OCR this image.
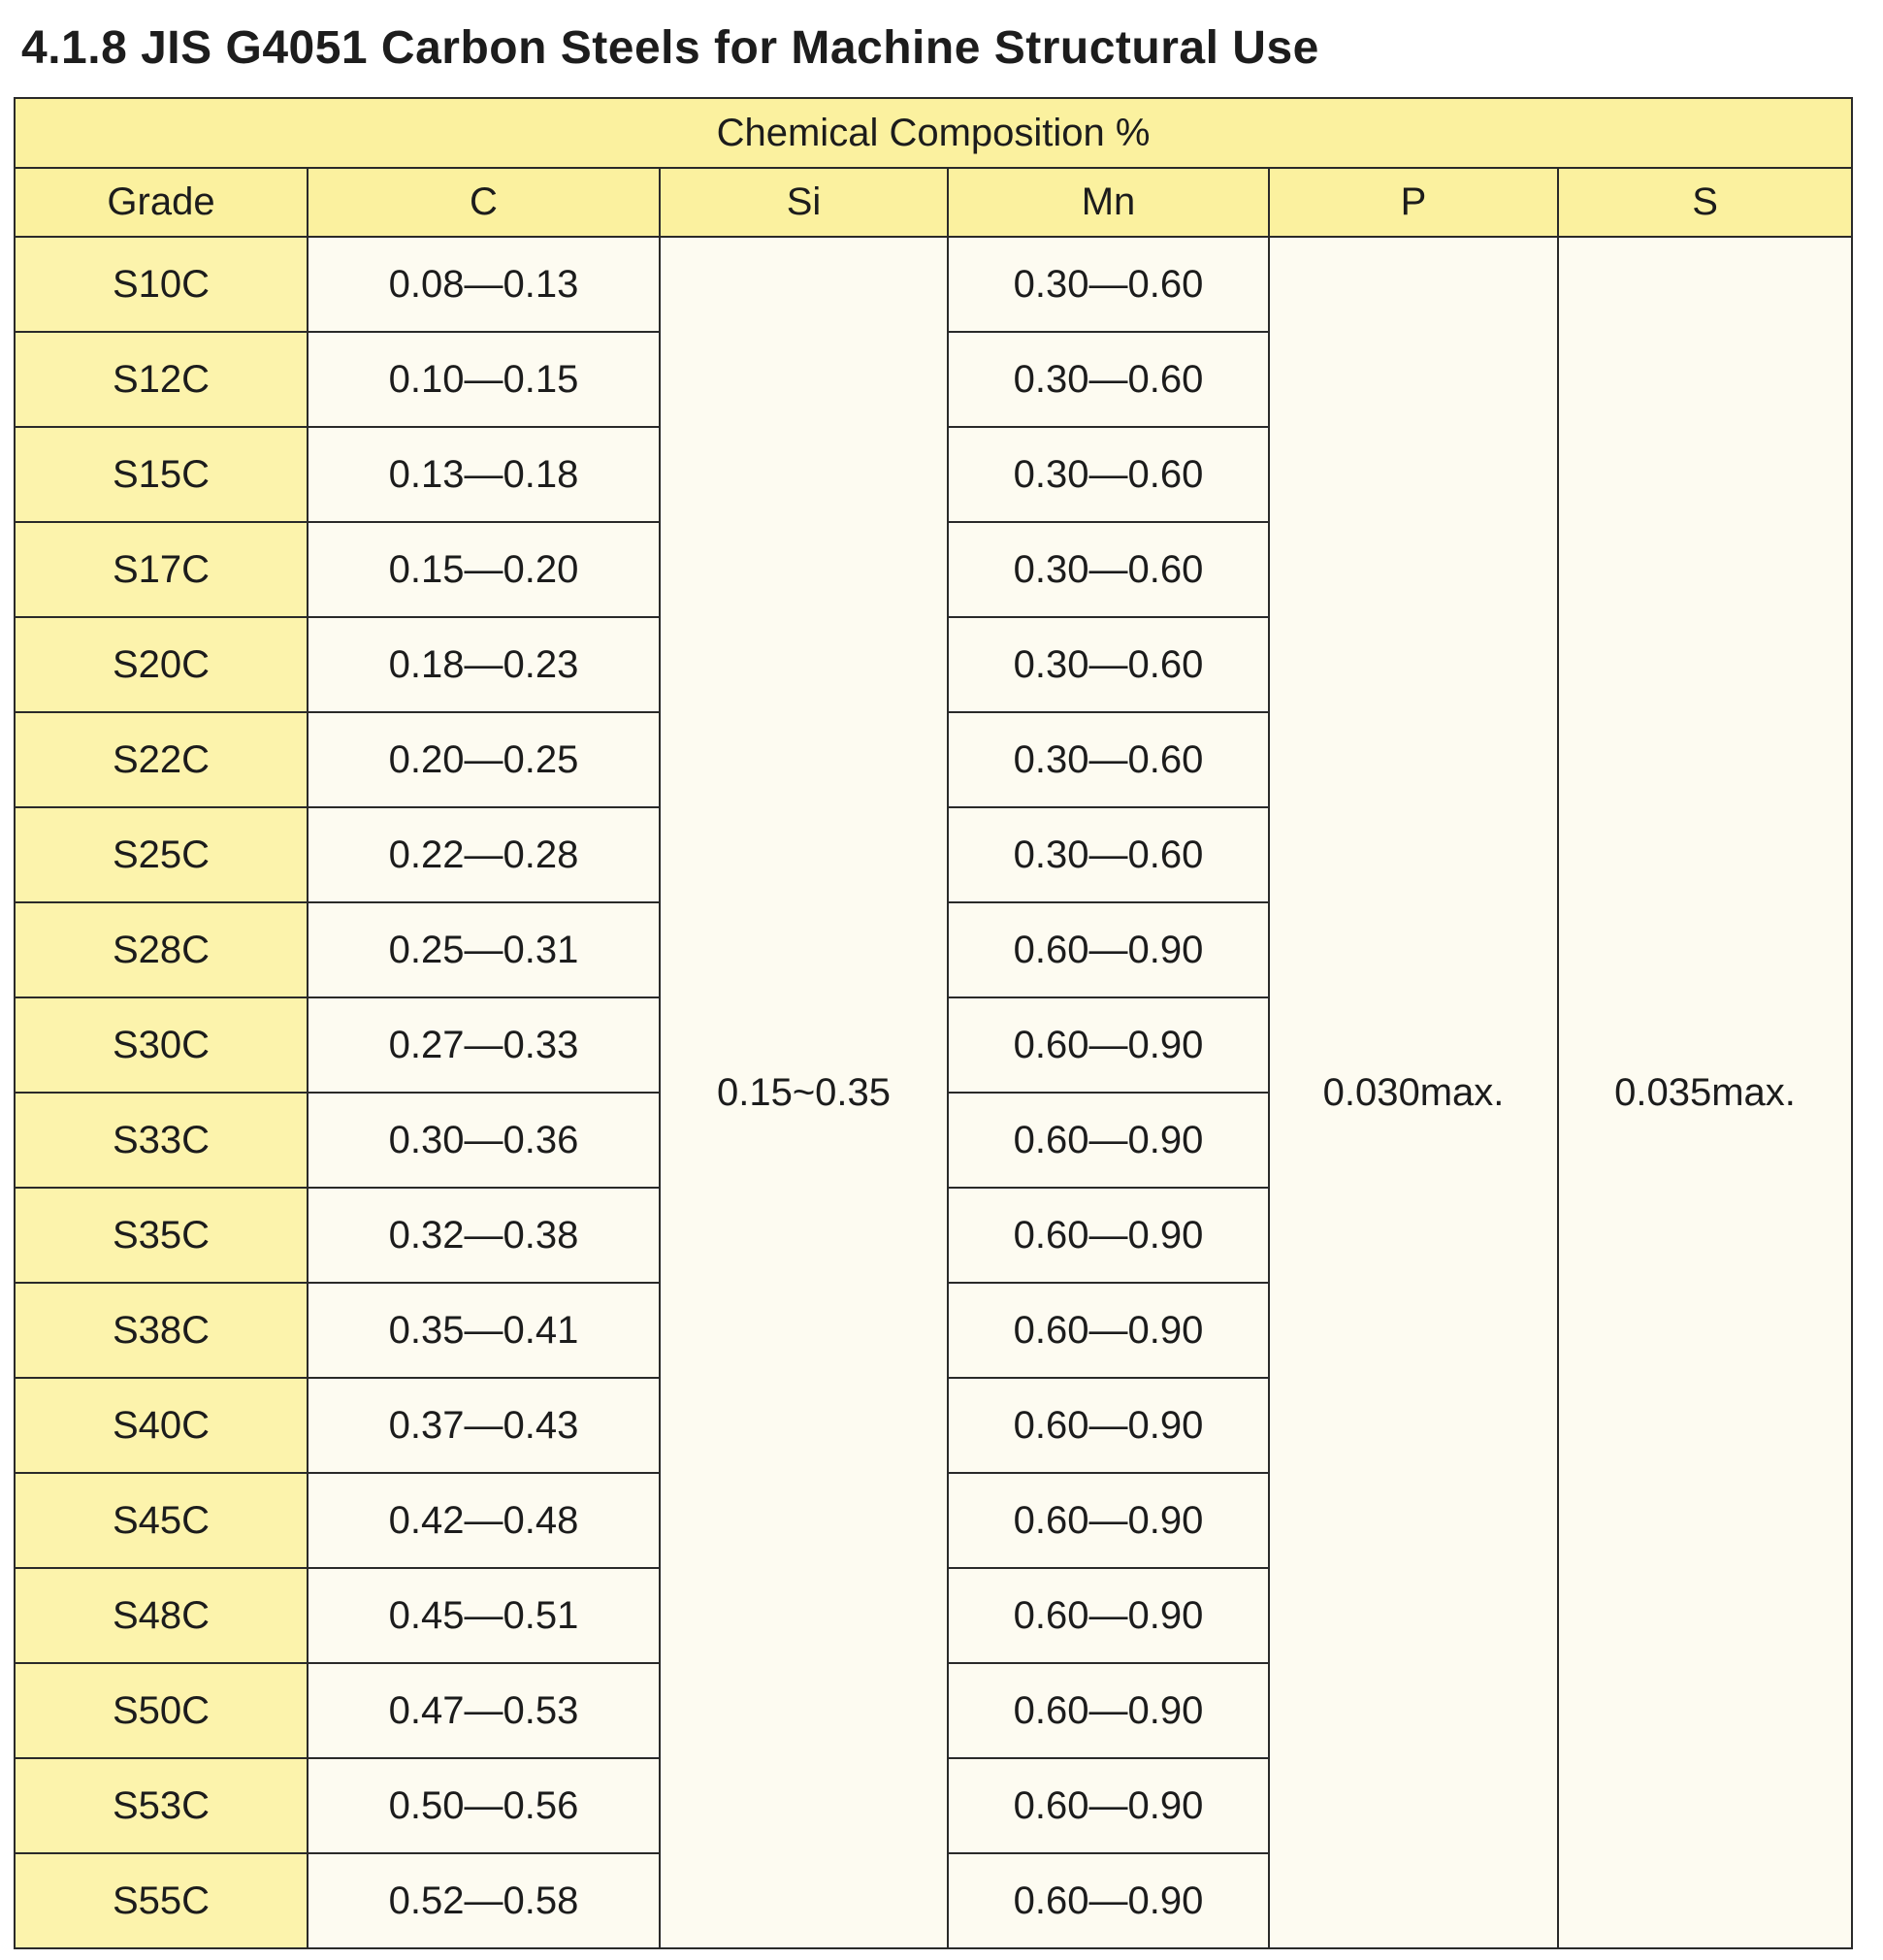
4.1.8 JIS G4051 Carbon Steels for Machine Structural Use
Chemical Composition %					
Grade	C	Si	Mn	P	S
S10C	0.08—0.13	0.15~0.35	0.30—0.60	0.030max.	0.035max.
S12C	0.10—0.15		0.30—0.60		
S15C	0.13—0.18		0.30—0.60		
S17C	0.15—0.20		0.30—0.60		
S20C	0.18—0.23		0.30—0.60		
S22C	0.20—0.25		0.30—0.60		
S25C	0.22—0.28		0.30—0.60		
S28C	0.25—0.31		0.60—0.90		
S30C	0.27—0.33		0.60—0.90		
S33C	0.30—0.36		0.60—0.90		
S35C	0.32—0.38		0.60—0.90		
S38C	0.35—0.41		0.60—0.90		
S40C	0.37—0.43		0.60—0.90		
S45C	0.42—0.48		0.60—0.90		
S48C	0.45—0.51		0.60—0.90		
S50C	0.47—0.53		0.60—0.90		
S53C	0.50—0.56		0.60—0.90		
S55C	0.52—0.58		0.60—0.90		
